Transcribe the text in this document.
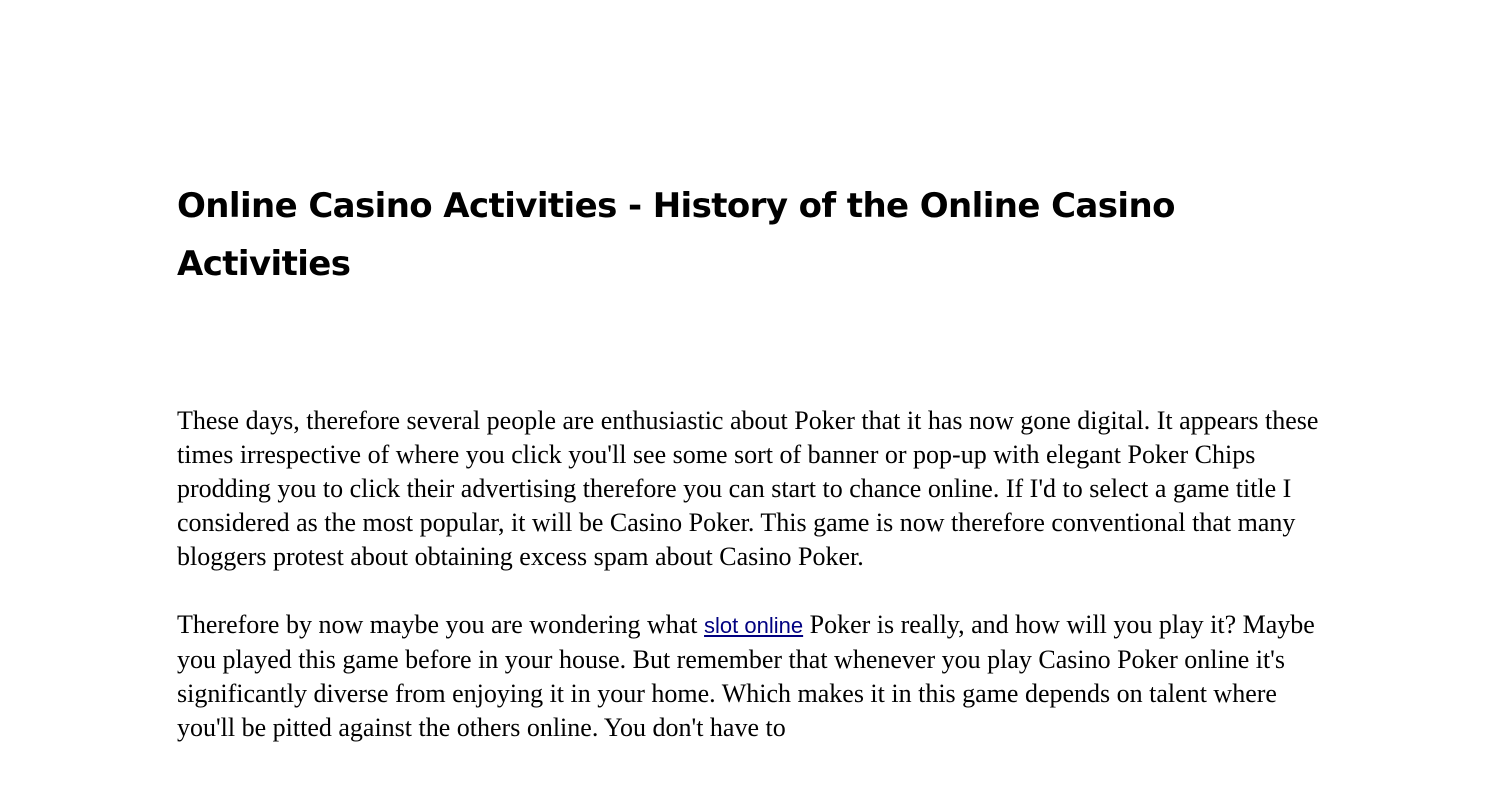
Online Casino Activities - History of the Online Casino Activities

These days, therefore several people are enthusiastic about Poker that it has now gone digital. It appears these times irrespective of where you click you'll see some sort of banner or pop-up with elegant Poker Chips prodding you to click their advertising therefore you can start to chance online. If I'd to select a game title I considered as the most popular, it will be Casino Poker. This game is now therefore conventional that many bloggers protest about obtaining excess spam about Casino Poker.

Therefore by now maybe you are wondering what slot online Poker is really, and how will you play it? Maybe you played this game before in your house. But remember that whenever you play Casino Poker online it's significantly diverse from enjoying it in your home. Which makes it in this game depends on talent where you'll be pitted against the others online. You don't have to
